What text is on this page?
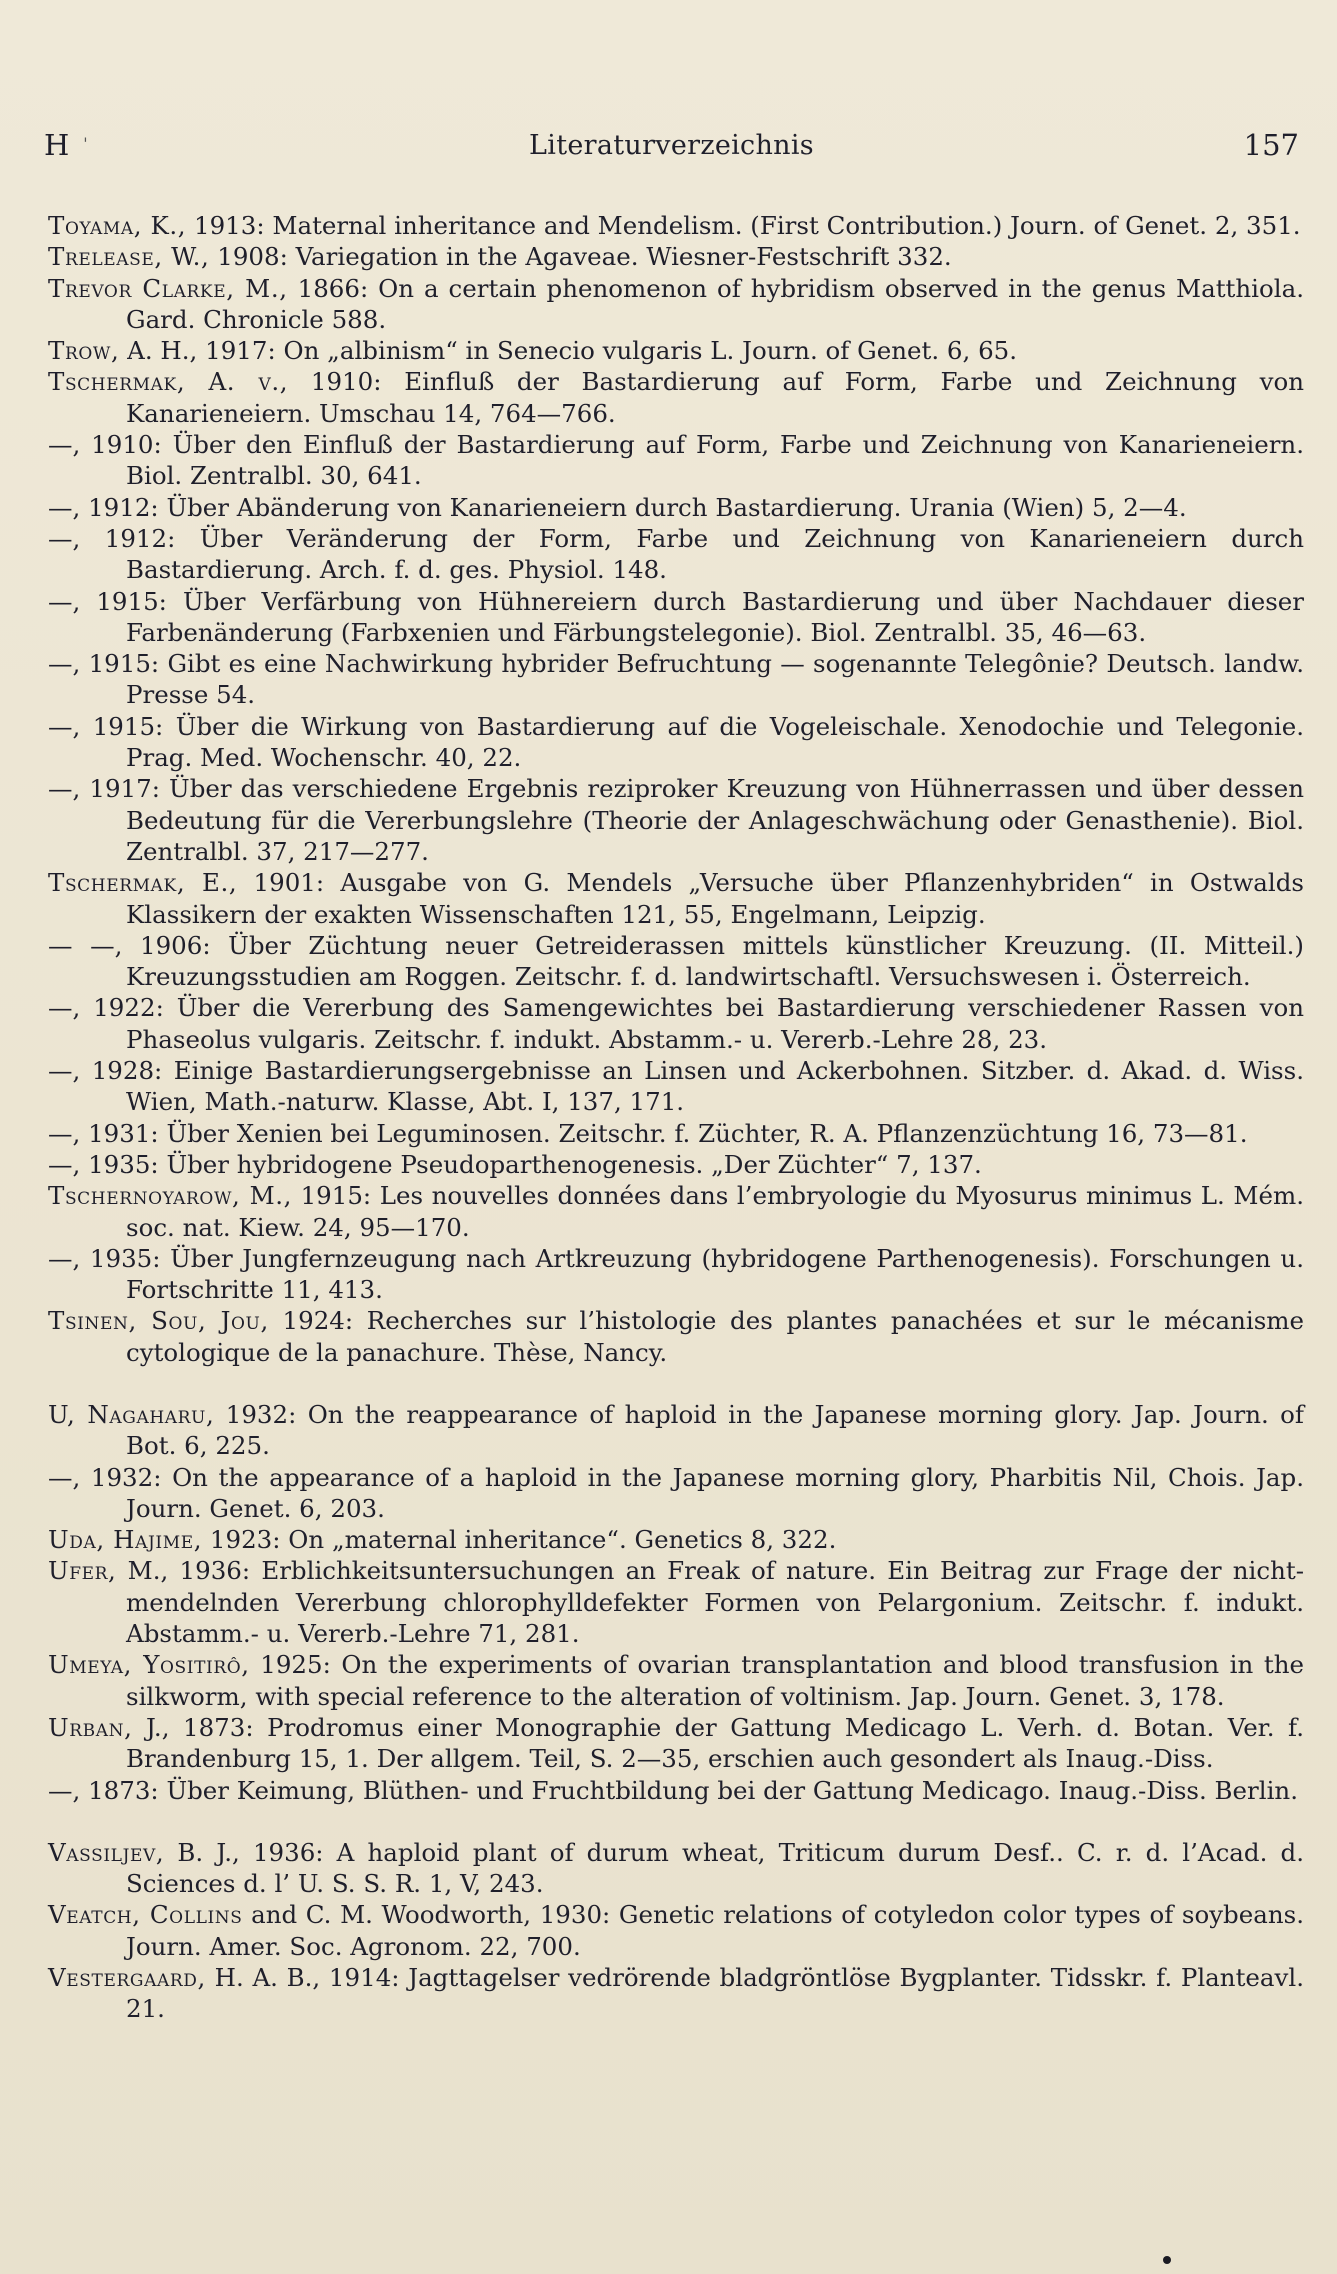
H '	Literaturverzeichnis	157

Toyama, K., 1913: Maternal inheritance and Mendelism. (First Contribution.) Journ. of Genet. 2, 351.

Trelease, W., 1908: Variegation in the Agaveae. Wiesner-Festschrift 332.

Trevor Clarke, M., 1866: On a certain phenomenon of hybridism observed in the genus Matthiola. Gard. Chronicle 588.

Trow, A. H., 1917: On „albinism“ in Senecio vulgaris L. Journ. of Genet. 6, 65.

Tschermak, A. v., 1910: Einfluß der Bastardierung auf Form, Farbe und Zeichnung von Kanarieneiern. Umschau 14, 764—766.

—, 1910: Über den Einfluß der Bastardierung auf Form, Farbe und Zeichnung von Kanarieneiern. Biol. Zentralbl. 30, 641.

—, 1912: Über Abänderung von Kanarieneiern durch Bastardierung. Urania (Wien) 5, 2—4.

—, 1912: Über Veränderung der Form, Farbe und Zeichnung von Kanarieneiern durch Bastardierung. Arch. f. d. ges. Physiol. 148.

—, 1915: Über Verfärbung von Hühnereiern durch Bastardierung und über Nachdauer dieser Farbenänderung (Farbxenien und Färbungstelegonie). Biol. Zentralbl. 35, 46—63.

—, 1915: Gibt es eine Nachwirkung hybrider Befruchtung — sogenannte Telegônie? Deutsch. landw. Presse 54.

—, 1915: Über die Wirkung von Bastardierung auf die Vogeleischale. Xenodochie und Telegonie. Prag. Med. Wochenschr. 40, 22.

—, 1917: Über das verschiedene Ergebnis reziproker Kreuzung von Hühnerrassen und über dessen Bedeutung für die Vererbungslehre (Theorie der Anlageschwächung oder Genasthenie). Biol. Zentralbl. 37, 217—277.

Tschermak, E., 1901: Ausgabe von G. Mendels „Versuche über Pflanzenhybriden“ in Ostwalds Klassikern der exakten Wissenschaften 121, 55, Engelmann, Leipzig.

— —, 1906: Über Züchtung neuer Getreiderassen mittels künstlicher Kreuzung. (II. Mitteil.) Kreuzungsstudien am Roggen. Zeitschr. f. d. landwirtschaftl. Versuchswesen i. Österreich.

—, 1922: Über die Vererbung des Samengewichtes bei Bastardierung verschiedener Rassen von Phaseolus vulgaris. Zeitschr. f. indukt. Abstamm.- u. Vererb.-Lehre 28, 23.

—, 1928: Einige Bastardierungsergebnisse an Linsen und Ackerbohnen. Sitzber. d. Akad. d. Wiss. Wien, Math.-naturw. Klasse, Abt. I, 137, 171.

—, 1931: Über Xenien bei Leguminosen. Zeitschr. f. Züchter, R. A. Pflanzenzüchtung 16, 73—81.

—, 1935: Über hybridogene Pseudoparthenogenesis. „Der Züchter“ 7, 137.

Tschernoyarow, M., 1915: Les nouvelles données dans l’embryologie du Myosurus minimus L. Mém. soc. nat. Kiew. 24, 95—170.

—, 1935: Über Jungfernzeugung nach Artkreuzung (hybridogene Parthenogenesis). Forschungen u. Fortschritte 11, 413.

Tsinen, Sou, Jou, 1924: Recherches sur l’histologie des plantes panachées et sur le mécanisme cytologique de la panachure. Thèse, Nancy.

U, Nagaharu, 1932: On the reappearance of haploid in the Japanese morning glory. Jap. Journ. of Bot. 6, 225.

—, 1932: On the appearance of a haploid in the Japanese morning glory, Pharbitis Nil, Chois. Jap. Journ. Genet. 6, 203.

Uda, Hajime, 1923: On „maternal inheritance“. Genetics 8, 322.

Ufer, M., 1936: Erblichkeitsuntersuchungen an Freak of nature. Ein Beitrag zur Frage der nicht-mendelnden Vererbung chlorophylldefekter Formen von Pelargonium. Zeitschr. f. indukt. Abstamm.- u. Vererb.-Lehre 71, 281.

Umeya, Yositirô, 1925: On the experiments of ovarian transplantation and blood transfusion in the silkworm, with special reference to the alteration of voltinism. Jap. Journ. Genet. 3, 178.

Urban, J., 1873: Prodromus einer Monographie der Gattung Medicago L. Verh. d. Botan. Ver. f. Brandenburg 15, 1. Der allgem. Teil, S. 2—35, erschien auch gesondert als Inaug.-Diss.

—, 1873: Über Keimung, Blüthen- und Fruchtbildung bei der Gattung Medicago. Inaug.-Diss. Berlin.

Vassiljev, B. J., 1936: A haploid plant of durum wheat, Triticum durum Desf.. C. r. d. l’Acad. d. Sciences d. l’ U. S. S. R. 1, V, 243.

Veatch, Collins and C. M. Woodworth, 1930: Genetic relations of cotyledon color types of soybeans. Journ. Amer. Soc. Agronom. 22, 700.

Vestergaard, H. A. B., 1914: Jagttagelser vedrörende bladgröntlöse Bygplanter. Tidsskr. f. Planteavl. 21.
